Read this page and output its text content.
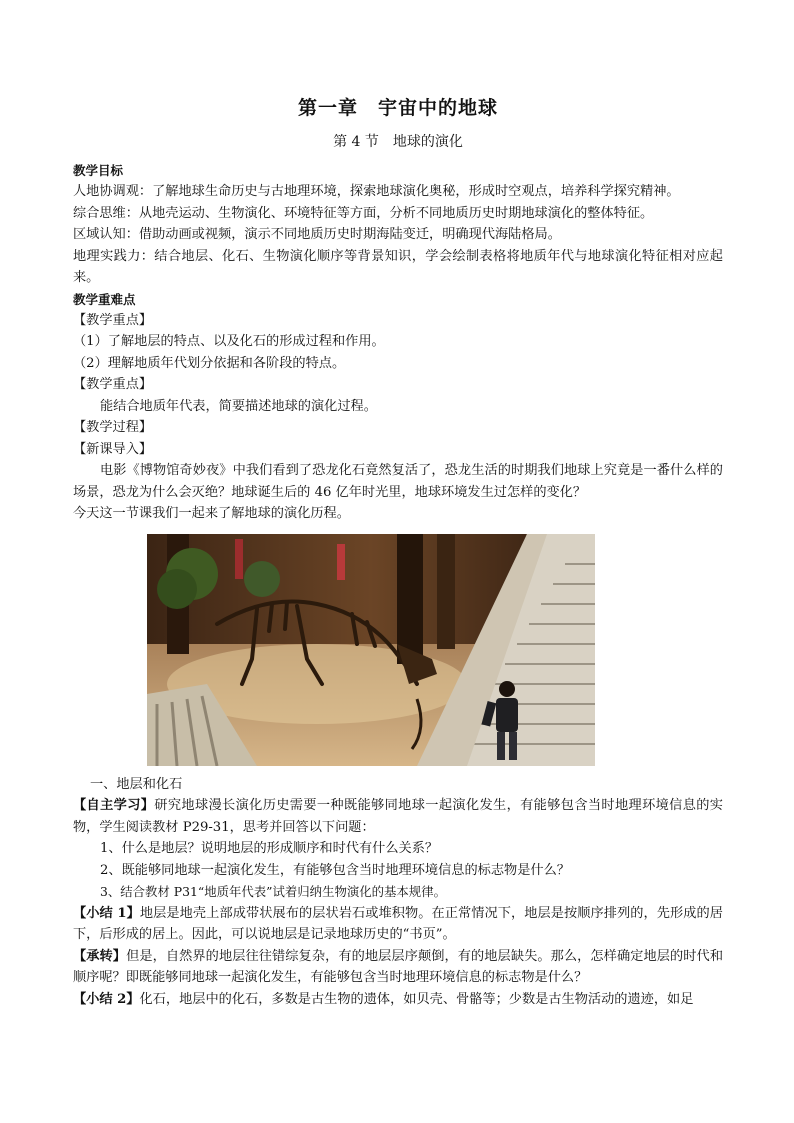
第一章　宇宙中的地球
第 4 节　地球的演化
教学目标

人地协调观：了解地球生命历史与古地理环境，探索地球演化奥秘，形成时空观点，培养科学探究精神。

综合思维：从地壳运动、生物演化、环境特征等方面，分析不同地质历史时期地球演化的整体特征。

区域认知：借助动画或视频，演示不同地质历史时期海陆变迁，明确现代海陆格局。

地理实践力：结合地层、化石、生物演化顺序等背景知识，学会绘制表格将地质年代与地球演化特征相对应起来。

教学重难点

【教学重点】

（1）了解地层的特点、以及化石的形成过程和作用。

（2）理解地质年代划分依据和各阶段的特点。

【教学重点】

能结合地质年代表，简要描述地球的演化过程。

【教学过程】

【新课导入】

电影《博物馆奇妙夜》中我们看到了恐龙化石竟然复活了，恐龙生活的时期我们地球上究竟是一番什么样的场景，恐龙为什么会灭绝？地球诞生后的 46 亿年时光里，地球环境发生过怎样的变化？

今天这一节课我们一起来了解地球的演化历程。

一、地层和化石

【自主学习】研究地球漫长演化历史需要一种既能够同地球一起演化发生，有能够包含当时地理环境信息的实物，学生阅读教材 P29-31，思考并回答以下问题：

1、什么是地层？说明地层的形成顺序和时代有什么关系？

2、既能够同地球一起演化发生，有能够包含当时地理环境信息的标志物是什么？

3、结合教材 P31“地质年代表”试着归纳生物演化的基本规律。

【小结 1】地层是地壳上部成带状展布的层状岩石或堆积物。在正常情况下，地层是按顺序排列的，先形成的居下，后形成的居上。因此，可以说地层是记录地球历史的“书页”。

【承转】但是，自然界的地层往往错综复杂，有的地层层序颠倒，有的地层缺失。那么，怎样确定地层的时代和顺序呢？即既能够同地球一起演化发生，有能够包含当时地理环境信息的标志物是什么？

【小结 2】化石，地层中的化石，多数是古生物的遗体，如贝壳、骨骼等；少数是古生物活动的遗迹，如足
